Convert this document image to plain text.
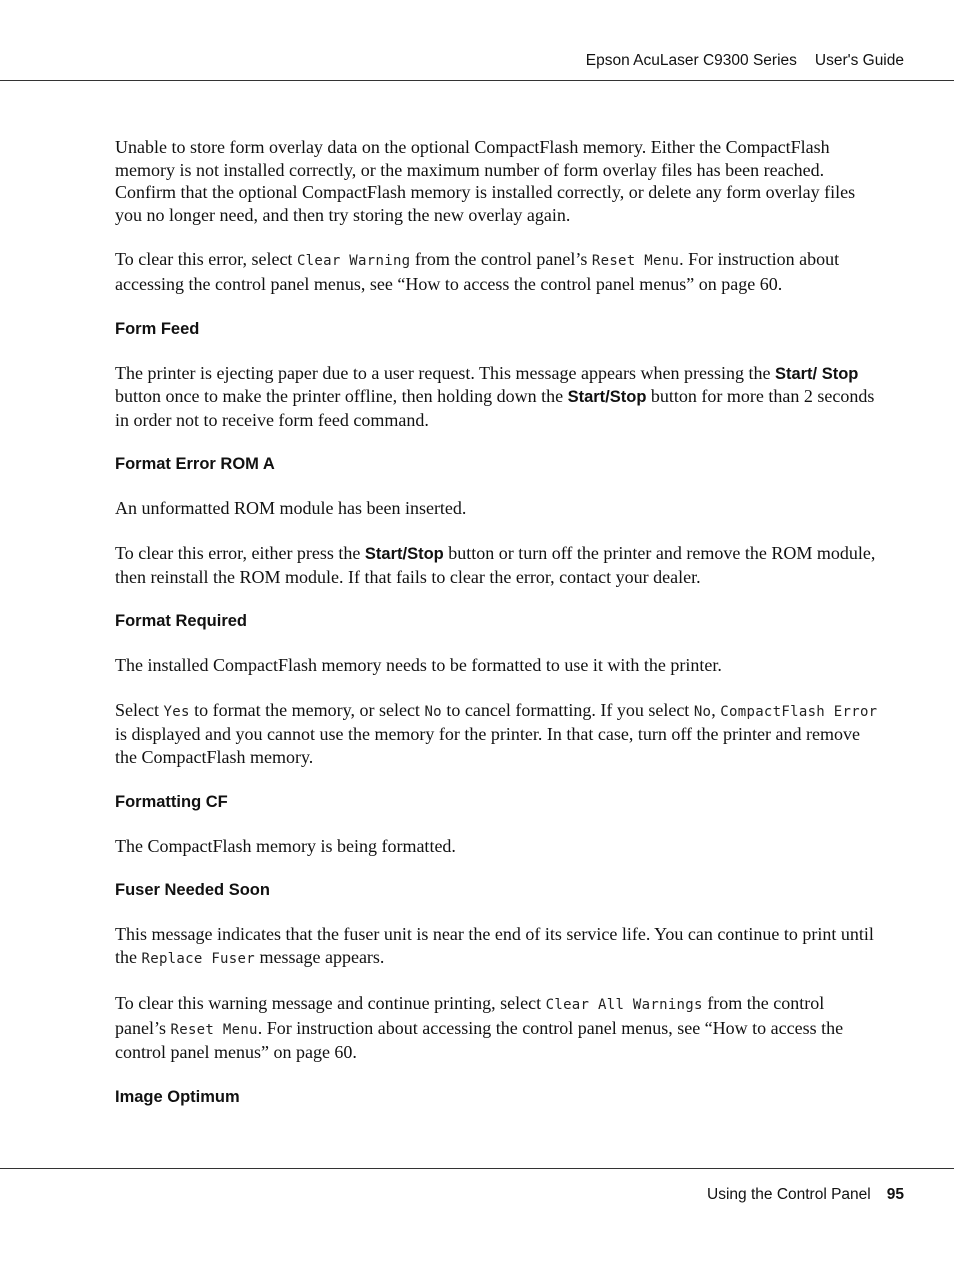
Epson AcuLaser C9300 Series User's Guide

Unable to store form overlay data on the optional CompactFlash memory. Either the CompactFlash memory is not installed correctly, or the maximum number of form overlay files has been reached. Confirm that the optional CompactFlash memory is installed correctly, or delete any form overlay files you no longer need, and then try storing the new overlay again.

To clear this error, select Clear Warning from the control panel’s Reset Menu. For instruction about accessing the control panel menus, see “How to access the control panel menus” on page 60.

Form Feed

The printer is ejecting paper due to a user request. This message appears when pressing the Start/ Stop button once to make the printer offline, then holding down the Start/Stop button for more than 2 seconds in order not to receive form feed command.

Format Error ROM A

An unformatted ROM module has been inserted.

To clear this error, either press the Start/Stop button or turn off the printer and remove the ROM module, then reinstall the ROM module. If that fails to clear the error, contact your dealer.

Format Required

The installed CompactFlash memory needs to be formatted to use it with the printer.

Select Yes to format the memory, or select No to cancel formatting. If you select No, CompactFlash Error is displayed and you cannot use the memory for the printer. In that case, turn off the printer and remove the CompactFlash memory.

Formatting CF

The CompactFlash memory is being formatted.

Fuser Needed Soon

This message indicates that the fuser unit is near the end of its service life. You can continue to print until the Replace Fuser message appears.

To clear this warning message and continue printing, select Clear All Warnings from the control panel’s Reset Menu. For instruction about accessing the control panel menus, see “How to access the control panel menus” on page 60.

Image Optimum
Using the Control Panel 95
